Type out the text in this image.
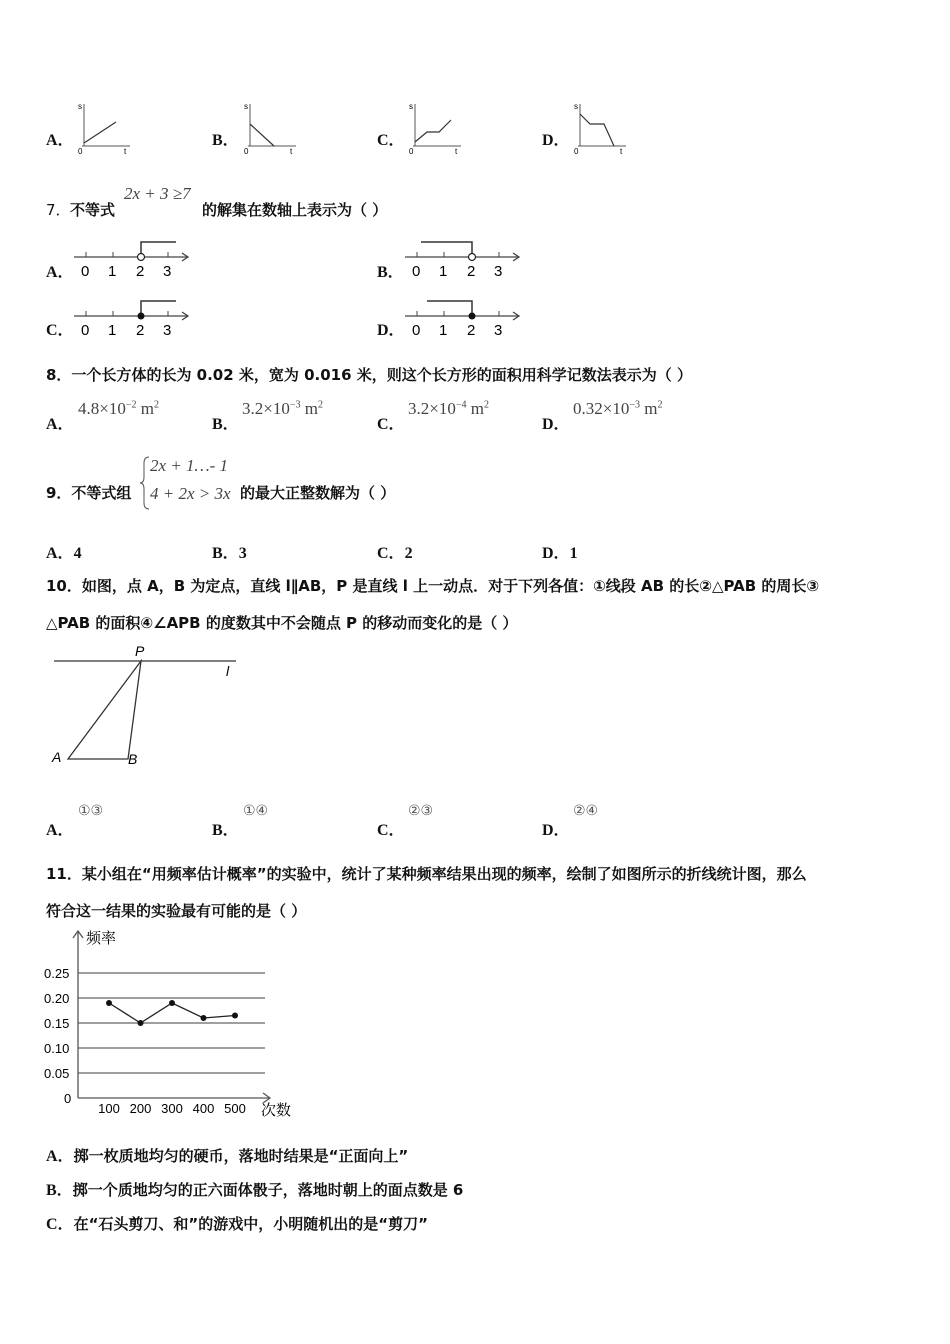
A．
s
0	t
B．
s
0	t
C．
s
0	t
D．
s
0	t
7． 不等式
2x + 3 ≥7
的解集在数轴上表示为（ ）
A． 0 1 2 3	B． 0 1 2 3
C． 0 1 2 3	D． 0 1 2 3
8．一个长方体的长为 0.02 米，宽为 0.016 米，则这个长方形的面积用科学记数法表示为（ ）
A．
$4.8\times 10^{-2}$ $m^2$
B．
$3.2\times 10^{-3}$ $m^2$
C．
$3.2\times 10^{-4}$ $m^2$
D．
$0.32\times 10^{-3}$ $m^2$
9．不等式组
2x + 1…- 1
4 + 2x > 3x 的最大正整数解为（ ）
A．4	B．3	C．2	D．1
10．如图，点 A，B 为定点，直线 l∥AB，P 是直线 l 上一动点．对于下列各值：①线段 AB 的长②△PAB 的周长③
△PAB 的面积④∠APB 的度数其中不会随点 P 的移动而变化的是（ ）
P
l
A	B
A．
①③
B．
①④
C．
②③
D．
②④
11．某小组在“用频率估计概率”的实验中，统计了某种频率结果出现的频率，绘制了如图所示的折线统计图，那么
符合这一结果的实验最有可能的是（ ）
频率
次数
0
0.25
0.20
0.15
0.10
0.05
100 200 300 400 500
A．掷一枚质地均匀的硬币，落地时结果是“正面向上”
B．掷一个质地均匀的正六面体骰子，落地时朝上的面点数是 6
C．在“石头剪刀、和”的游戏中，小明随机出的是“剪刀”
